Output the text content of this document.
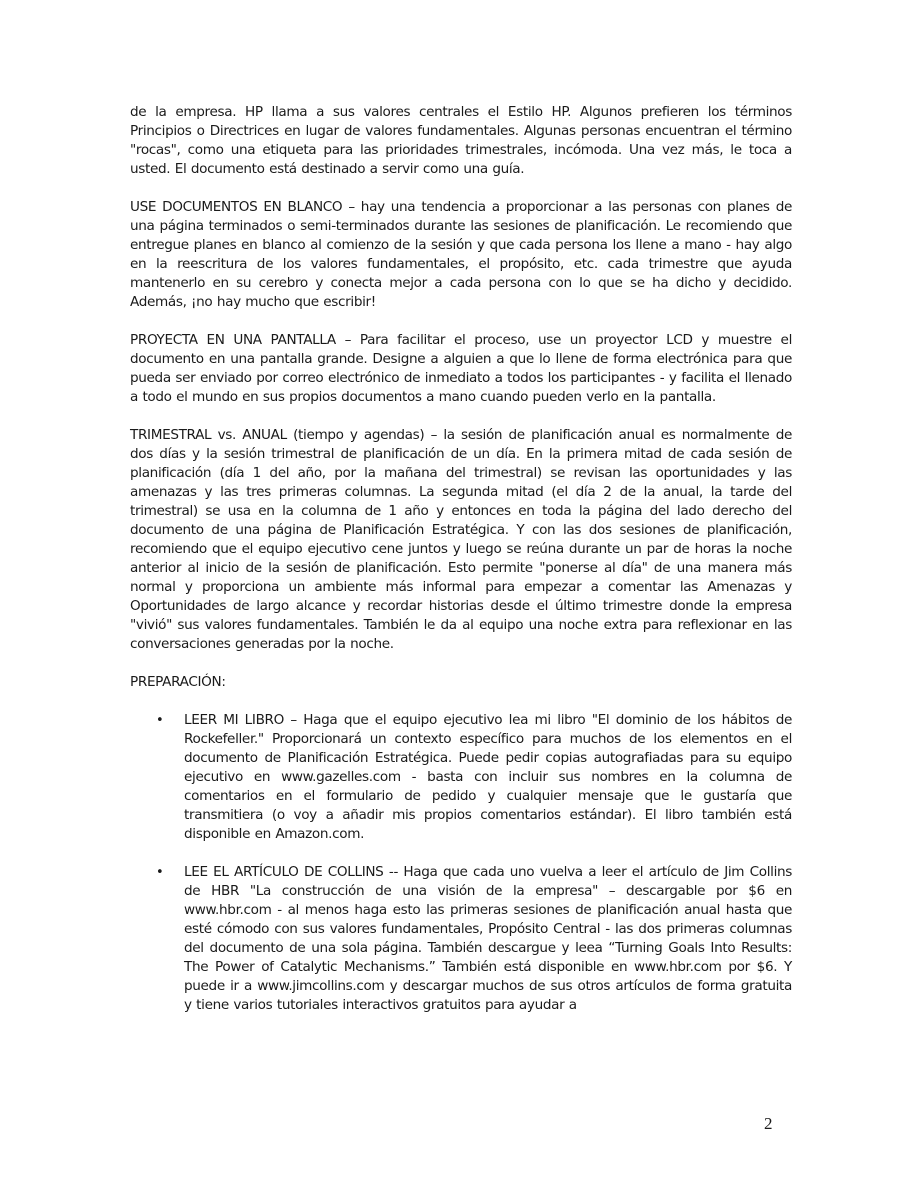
de la empresa. HP llama a sus valores centrales el Estilo HP. Algunos prefieren los términos Principios o Directrices en lugar de valores fundamentales. Algunas personas encuentran el término "rocas", como una etiqueta para las prioridades trimestrales, incómoda. Una vez más, le toca a usted. El documento está destinado a servir como una guía.

USE DOCUMENTOS EN BLANCO – hay una tendencia a proporcionar a las personas con planes de una página terminados o semi-terminados durante las sesiones de planificación. Le recomiendo que entregue planes en blanco al comienzo de la sesión y que cada persona los llene a mano - hay algo en la reescritura de los valores fundamentales, el propósito, etc. cada trimestre que ayuda mantenerlo en su cerebro y conecta mejor a cada persona con lo que se ha dicho y decidido. Además, ¡no hay mucho que escribir!

PROYECTA EN UNA PANTALLA – Para facilitar el proceso, use un proyector LCD y muestre el documento en una pantalla grande. Designe a alguien a que lo llene de forma electrónica para que pueda ser enviado por correo electrónico de inmediato a todos los participantes - y facilita el llenado a todo el mundo en sus propios documentos a mano cuando pueden verlo en la pantalla.

TRIMESTRAL vs. ANUAL (tiempo y agendas) – la sesión de planificación anual es normalmente de dos días y la sesión trimestral de planificación de un día. En la primera mitad de cada sesión de planificación (día 1 del año, por la mañana del trimestral) se revisan las oportunidades y las amenazas y las tres primeras columnas. La segunda mitad (el día 2 de la anual, la tarde del trimestral) se usa en la columna de 1 año y entonces en toda la página del lado derecho del documento de una página de Planificación Estratégica. Y con las dos sesiones de planificación, recomiendo que el equipo ejecutivo cene juntos y luego se reúna durante un par de horas la noche anterior al inicio de la sesión de planificación. Esto permite "ponerse al día" de una manera más normal y proporciona un ambiente más informal para empezar a comentar las Amenazas y Oportunidades de largo alcance y recordar historias desde el último trimestre donde la empresa "vivió" sus valores fundamentales. También le da al equipo una noche extra para reflexionar en las conversaciones generadas por la noche.

PREPARACIÓN:

• LEER MI LIBRO – Haga que el equipo ejecutivo lea mi libro "El dominio de los hábitos de Rockefeller." Proporcionará un contexto específico para muchos de los elementos en el documento de Planificación Estratégica. Puede pedir copias autografiadas para su equipo ejecutivo en www.gazelles.com - basta con incluir sus nombres en la columna de comentarios en el formulario de pedido y cualquier mensaje que le gustaría que transmitiera (o voy a añadir mis propios comentarios estándar). El libro también está disponible en Amazon.com.
• LEE EL ARTÍCULO DE COLLINS -- Haga que cada uno vuelva a leer el artículo de Jim Collins de HBR "La construcción de una visión de la empresa" – descargable por $6 en www.hbr.com - al menos haga esto las primeras sesiones de planificación anual hasta que esté cómodo con sus valores fundamentales, Propósito Central - las dos primeras columnas del documento de una sola página. También descargue y leea “Turning Goals Into Results: The Power of Catalytic Mechanisms.” También está disponible en www.hbr.com por $6. Y puede ir a www.jimcollins.com y descargar muchos de sus otros artículos de forma gratuita y tiene varios tutoriales interactivos gratuitos para ayudar a
2
